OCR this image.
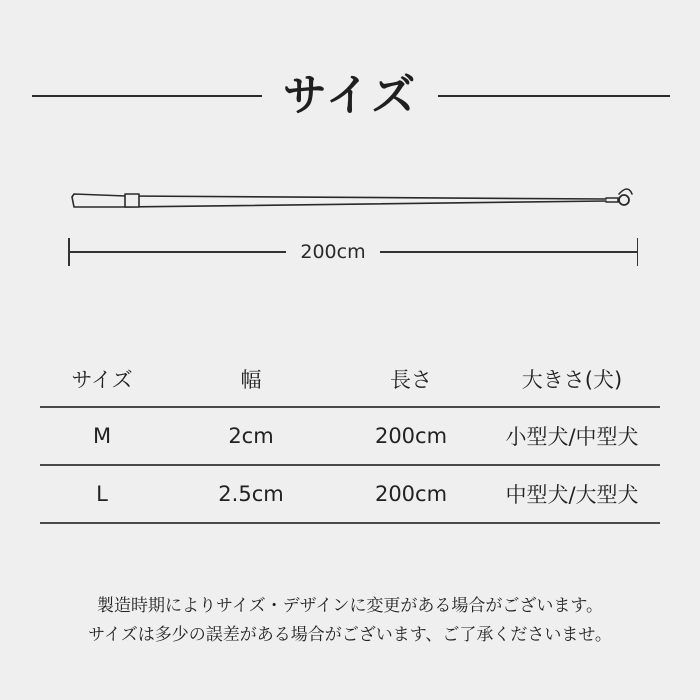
サイズ
200cm
サイズ	幅	長さ	大きさ(犬)
M	2cm	200cm	小型犬/中型犬
L	2.5cm	200cm	中型犬/大型犬
製造時期によりサイズ・デザインに変更がある場合がございます。
サイズは多少の誤差がある場合がございます、ご了承くださいませ。
